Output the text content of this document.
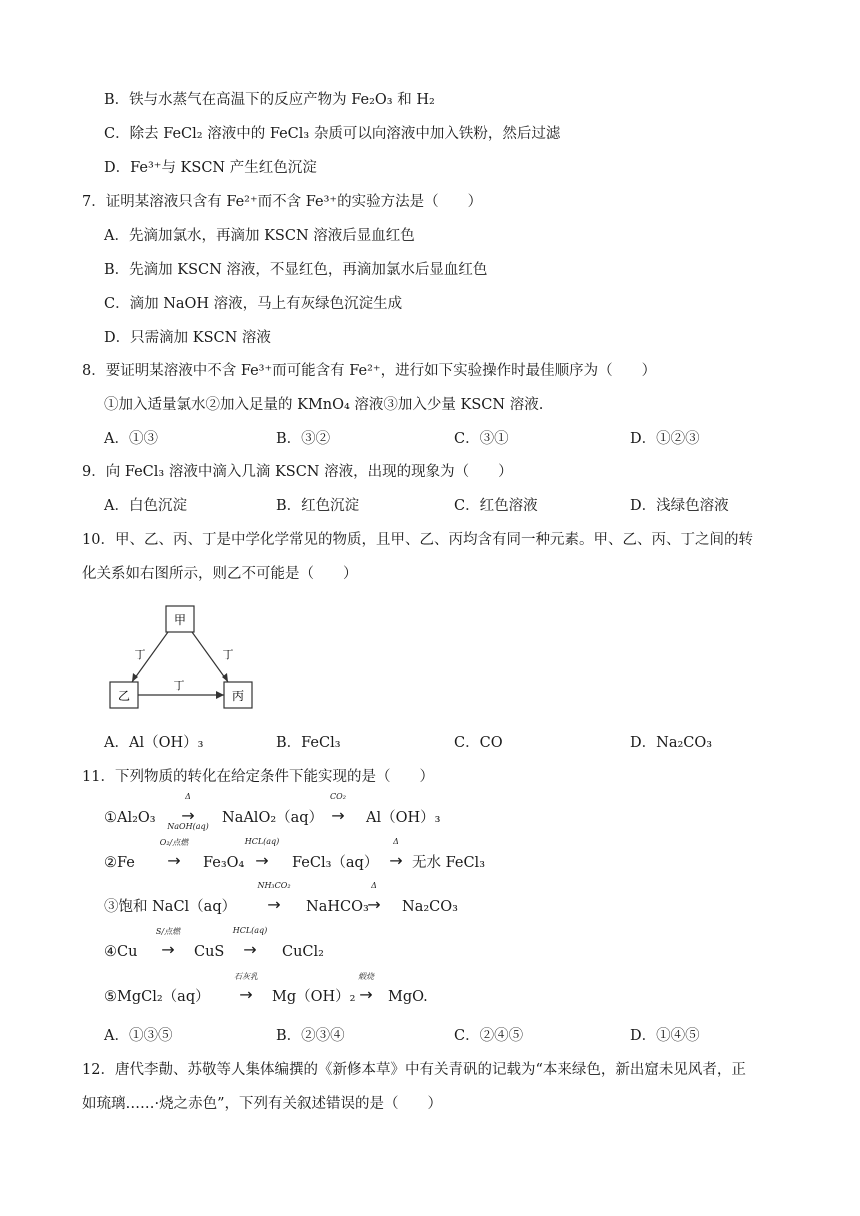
B．铁与水蒸气在高温下的反应产物为 Fe₂O₃ 和 H₂
C．除去 FeCl₂ 溶液中的 FeCl₃ 杂质可以向溶液中加入铁粉，然后过滤
D．Fe³⁺与 KSCN 产生红色沉淀
7．证明某溶液只含有 Fe²⁺而不含 Fe³⁺的实验方法是（　　）
A．先滴加氯水，再滴加 KSCN 溶液后显血红色
B．先滴加 KSCN 溶液，不显红色，再滴加氯水后显血红色
C．滴加 NaOH 溶液，马上有灰绿色沉淀生成
D．只需滴加 KSCN 溶液
8．要证明某溶液中不含 Fe³⁺而可能含有 Fe²⁺，进行如下实验操作时最佳顺序为（　　）
①加入适量氯水②加入足量的 KMnO₄ 溶液③加入少量 KSCN 溶液.
A．①③	B．③②	C．③①	D．①②③
9．向 FeCl₃ 溶液中滴入几滴 KSCN 溶液，出现的现象为（　　）
A．白色沉淀	B．红色沉淀	C．红色溶液	D．浅绿色溶液
10．甲、乙、丙、丁是中学化学常见的物质，且甲、乙、丙均含有同一种元素。甲、乙、丙、丁之间的转
化关系如右图所示，则乙不可能是（　　）
甲
乙	丙
丁	丁
丁
A．Al（OH）₃	B．FeCl₃	C．CO	D．Na₂CO₃
11．下列物质的转化在给定条件下能实现的是（　　）
①Al₂O₃
Δ
→
NaOH(aq)
NaAlO₂（aq）
CO₂
→	Al（OH）₃
②Fe
O₂/点燃
→	Fe₃O₄
HCL(aq)
→	FeCl₃（aq）
Δ
→ 无水 FeCl₃
③饱和 NaCl（aq）
NH₃CO₂
→	NaHCO₃
Δ
→	Na₂CO₃
④Cu
S/点燃
→	CuS
HCL(aq)
→	CuCl₂
⑤MgCl₂（aq）
石灰乳
→	Mg（OH）₂
煅烧
→	MgO.
A．①③⑤	B．②③④	C．②④⑤	D．①④⑤
12．唐代李勣、苏敬等人集体编撰的《新修本草》中有关青矾的记载为“本来绿色，新出窟未见风者，正
如琉璃……·烧之赤色”，下列有关叙述错误的是（　　）
